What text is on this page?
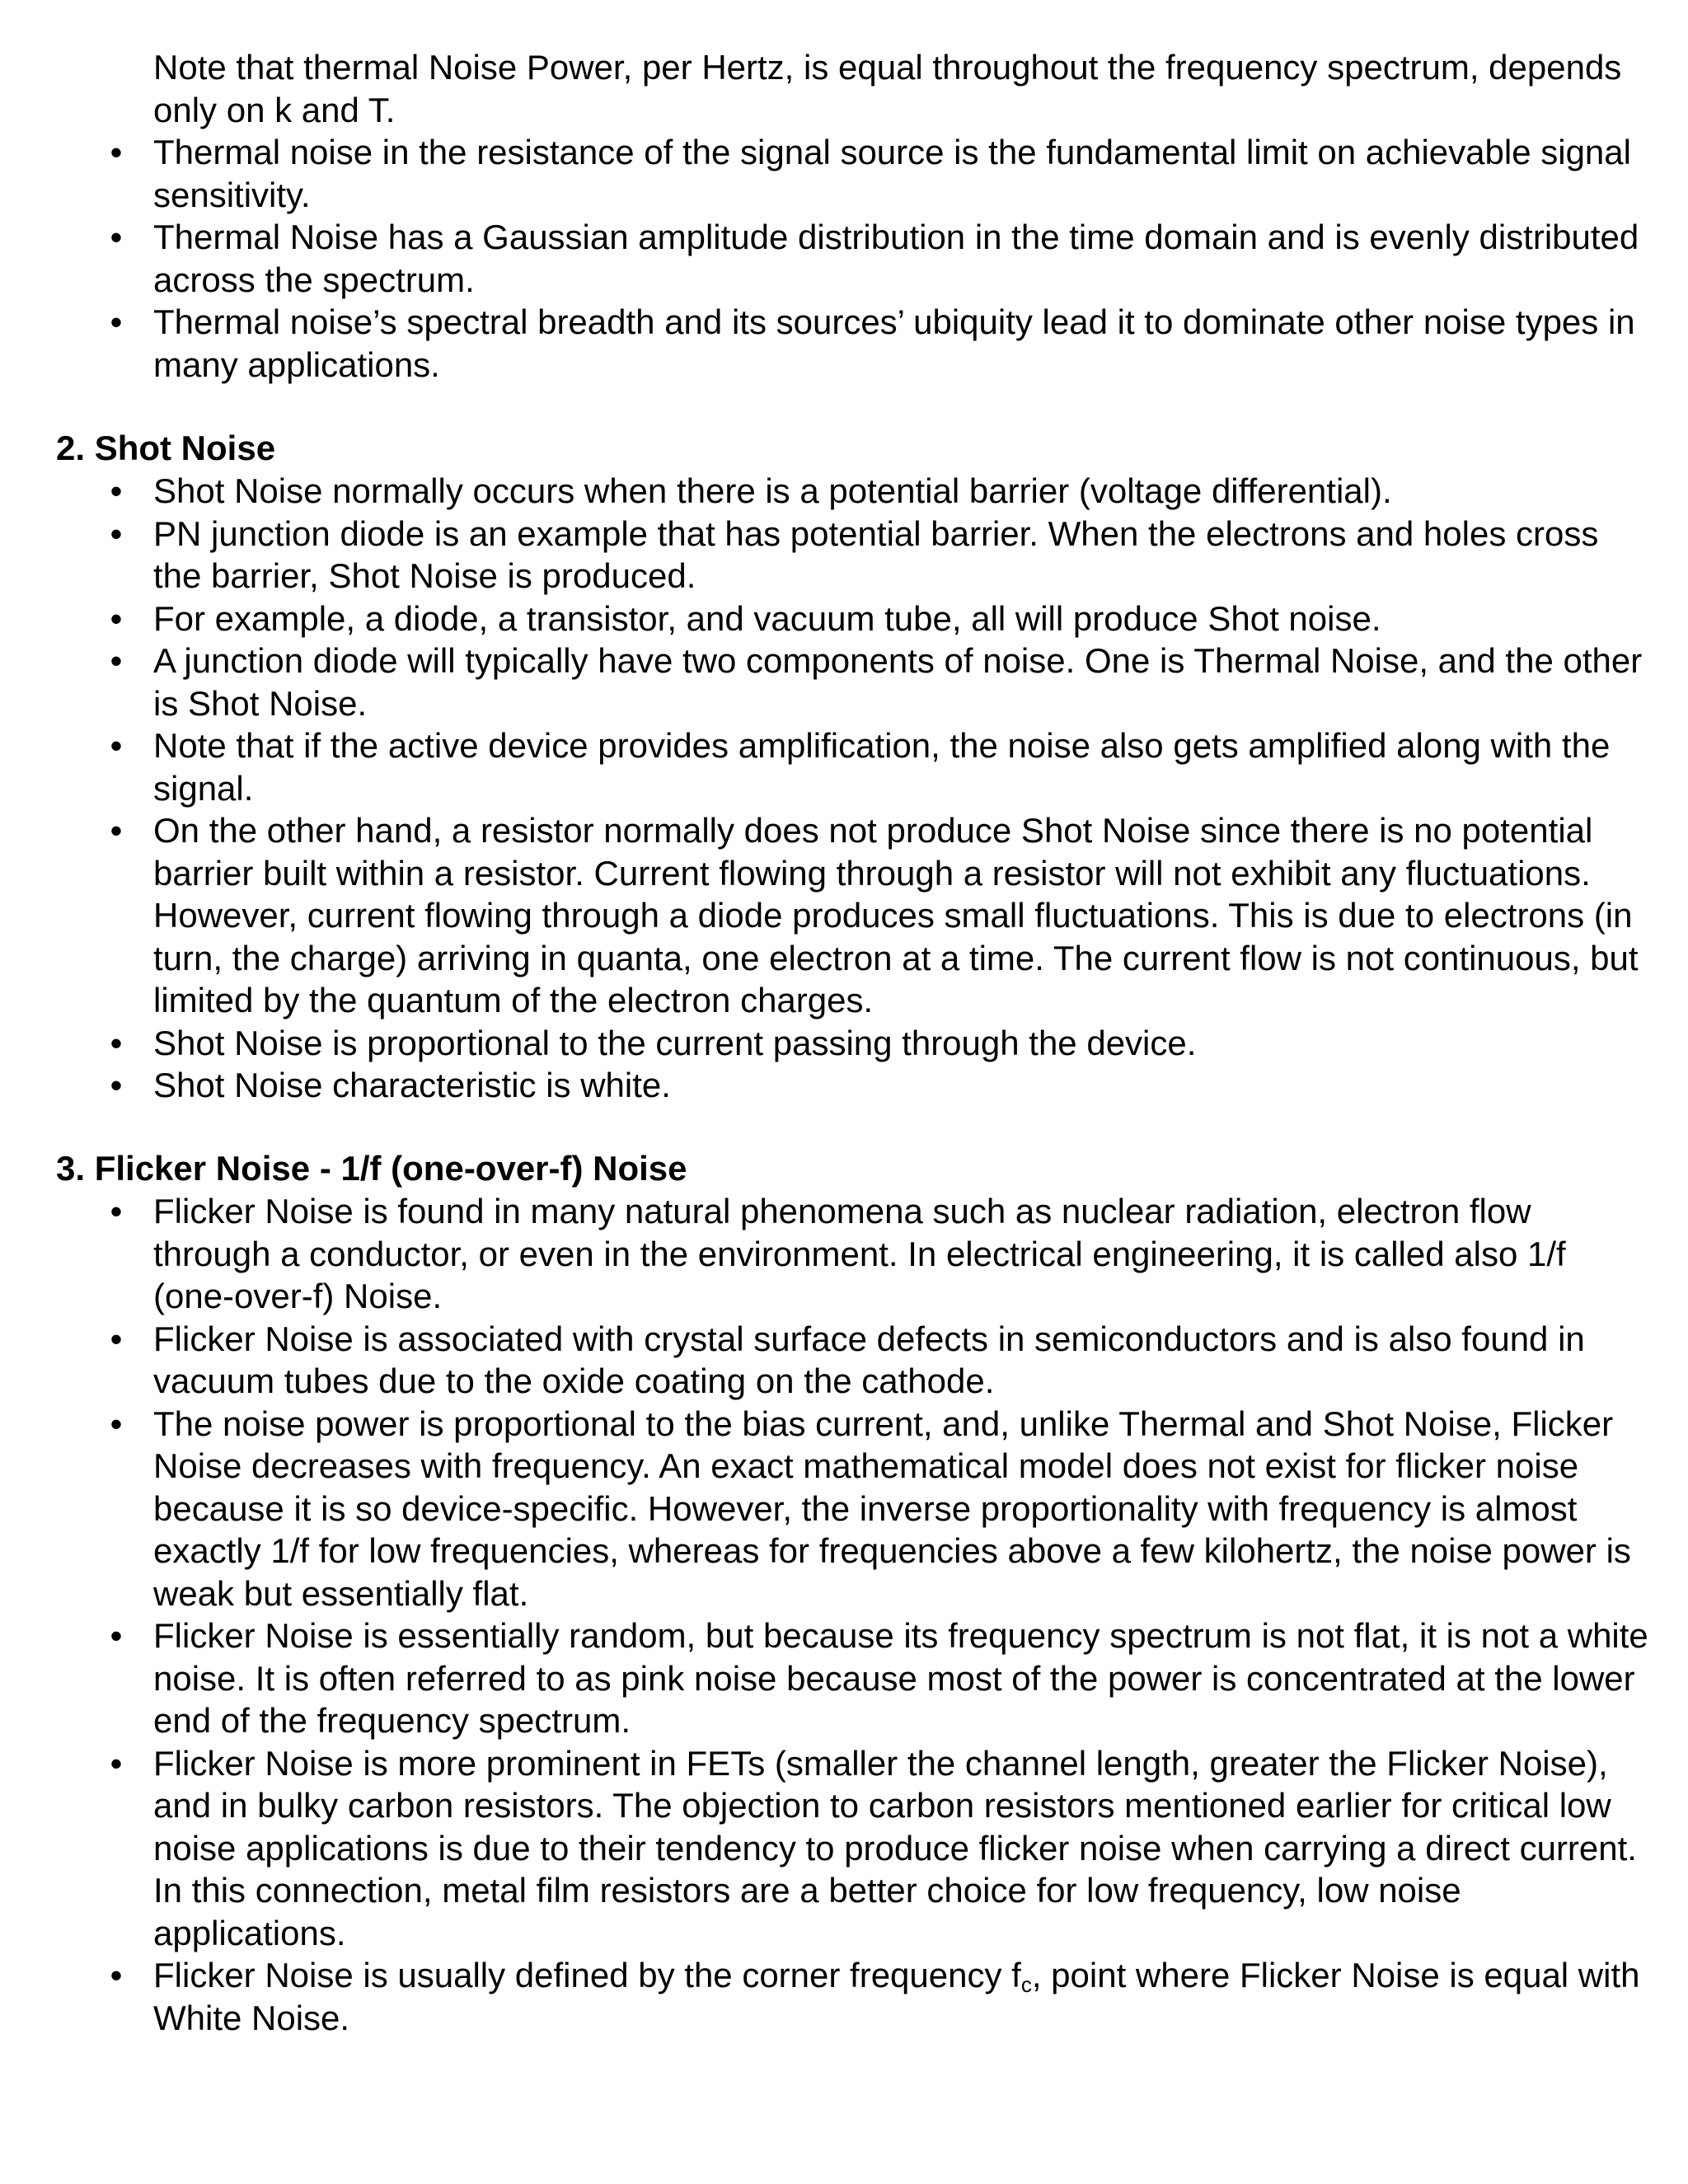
Note that thermal Noise Power, per Hertz, is equal throughout the frequency spectrum, depends only on k and T.

• Thermal noise in the resistance of the signal source is the fundamental limit on achievable signal sensitivity.
• Thermal Noise has a Gaussian amplitude distribution in the time domain and is evenly distributed across the spectrum.
• Thermal noise’s spectral breadth and its sources’ ubiquity lead it to dominate other noise types in many applications.
2. Shot Noise
• Shot Noise normally occurs when there is a potential barrier (voltage differential).
• PN junction diode is an example that has potential barrier. When the electrons and holes cross the barrier, Shot Noise is produced.
• For example, a diode, a transistor, and vacuum tube, all will produce Shot noise.
• A junction diode will typically have two components of noise. One is Thermal Noise, and the other is Shot Noise.
• Note that if the active device provides amplification, the noise also gets amplified along with the signal.
• On the other hand, a resistor normally does not produce Shot Noise since there is no potential barrier built within a resistor. Current flowing through a resistor will not exhibit any fluctuations. However, current flowing through a diode produces small fluctuations. This is due to electrons (in turn, the charge) arriving in quanta, one electron at a time. The current flow is not continuous, but limited by the quantum of the electron charges.
• Shot Noise is proportional to the current passing through the device.
• Shot Noise characteristic is white.
3. Flicker Noise - 1/f (one-over-f) Noise
• Flicker Noise is found in many natural phenomena such as nuclear radiation, electron flow through a conductor, or even in the environment. In electrical engineering, it is called also 1/f (one-over-f) Noise.
• Flicker Noise is associated with crystal surface defects in semiconductors and is also found in vacuum tubes due to the oxide coating on the cathode.
• The noise power is proportional to the bias current, and, unlike Thermal and Shot Noise, Flicker Noise decreases with frequency. An exact mathematical model does not exist for flicker noise because it is so device-specific. However, the inverse proportionality with frequency is almost exactly 1/f for low frequencies, whereas for frequencies above a few kilohertz, the noise power is weak but essentially flat.
• Flicker Noise is essentially random, but because its frequency spectrum is not flat, it is not a white noise. It is often referred to as pink noise because most of the power is concentrated at the lower end of the frequency spectrum.
• Flicker Noise is more prominent in FETs (smaller the channel length, greater the Flicker Noise), and in bulky carbon resistors. The objection to carbon resistors mentioned earlier for critical low noise applications is due to their tendency to produce flicker noise when carrying a direct current. In this connection, metal film resistors are a better choice for low frequency, low noise applications.
• Flicker Noise is usually defined by the corner frequency $f_c$, point where Flicker Noise is equal with White Noise.
